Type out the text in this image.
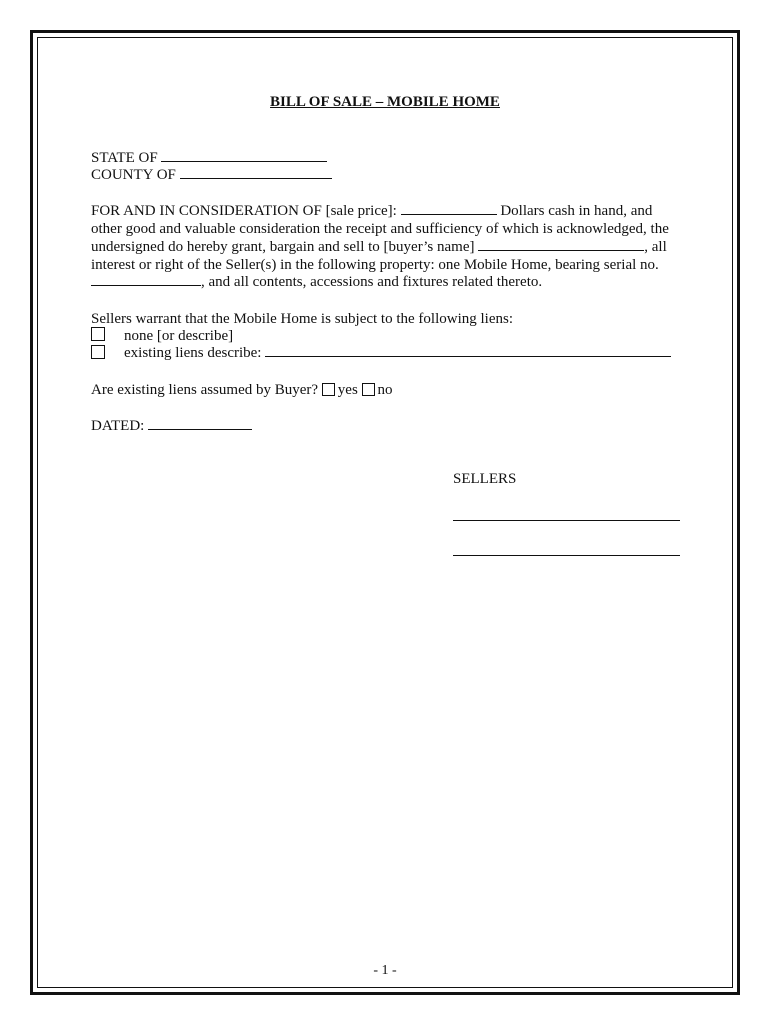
BILL OF SALE – MOBILE HOME
STATE OF
COUNTY OF
FOR AND IN CONSIDERATION OF [sale price]:	Dollars cash in hand, and
other good and valuable consideration the receipt and sufficiency of which is acknowledged, the
undersigned do hereby grant, bargain and sell to [buyer’s name]	, all
interest or right of the Seller(s) in the following property: one Mobile Home, bearing serial no.
, and all contents, accessions and fixtures related thereto.
Sellers warrant that the Mobile Home is subject to the following liens:
none [or describe]
existing liens describe:
Are existing liens assumed by Buyer? yes no
DATED:
SELLERS
- 1 -
